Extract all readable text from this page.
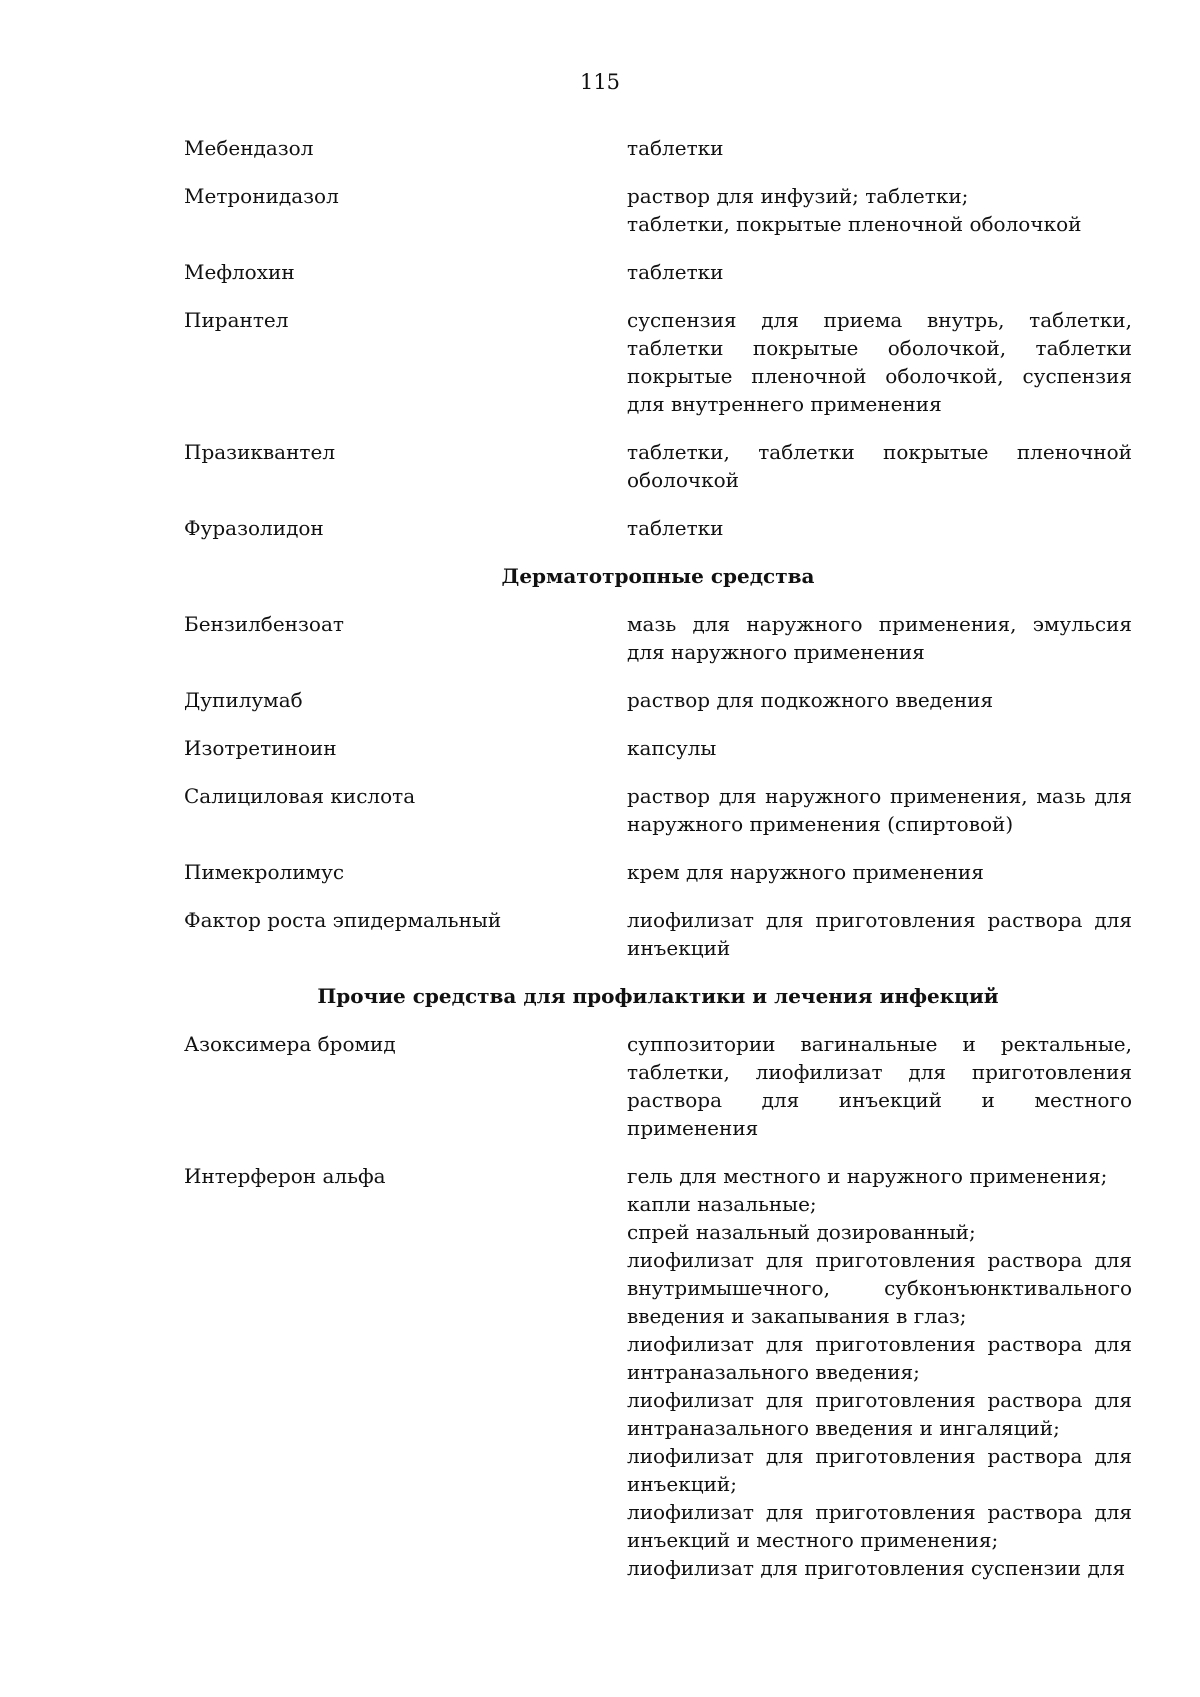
115
Мебендазол	таблетки
Метронидазол	раствор для инфузий; таблетки;
таблетки, покрытые пленочной оболочкой
Мефлохин	таблетки
Пирантел	суспензия для приема внутрь, таблетки, таблетки покрытые оболочкой, таблетки покрытые пленочной оболочкой, суспензия для внутреннего применения
Празиквантел	таблетки, таблетки покрытые пленочной оболочкой
Фуразолидон	таблетки
Дерматотропные средства
Бензилбензоат	мазь для наружного применения, эмульсия для наружного применения
Дупилумаб	раствор для подкожного введения
Изотретиноин	капсулы
Салициловая кислота	раствор для наружного применения, мазь для наружного применения (спиртовой)
Пимекролимус	крем для наружного применения
Фактор роста эпидермальный	лиофилизат для приготовления раствора для инъекций
Прочие средства для профилактики и лечения инфекций
Азоксимера бромид	суппозитории вагинальные и ректальные, таблетки, лиофилизат для приготовления раствора для инъекций и местного применения
Интерферон альфа	гель для местного и наружного применения;
капли назальные;
спрей назальный дозированный;
лиофилизат для приготовления раствора для внутримышечного, субконъюнктивального введения и закапывания в глаз;
лиофилизат для приготовления раствора для интраназального введения;
лиофилизат для приготовления раствора для интраназального введения и ингаляций;
лиофилизат для приготовления раствора для инъекций;
лиофилизат для приготовления раствора для инъекций и местного применения;
лиофилизат для приготовления суспензии для
